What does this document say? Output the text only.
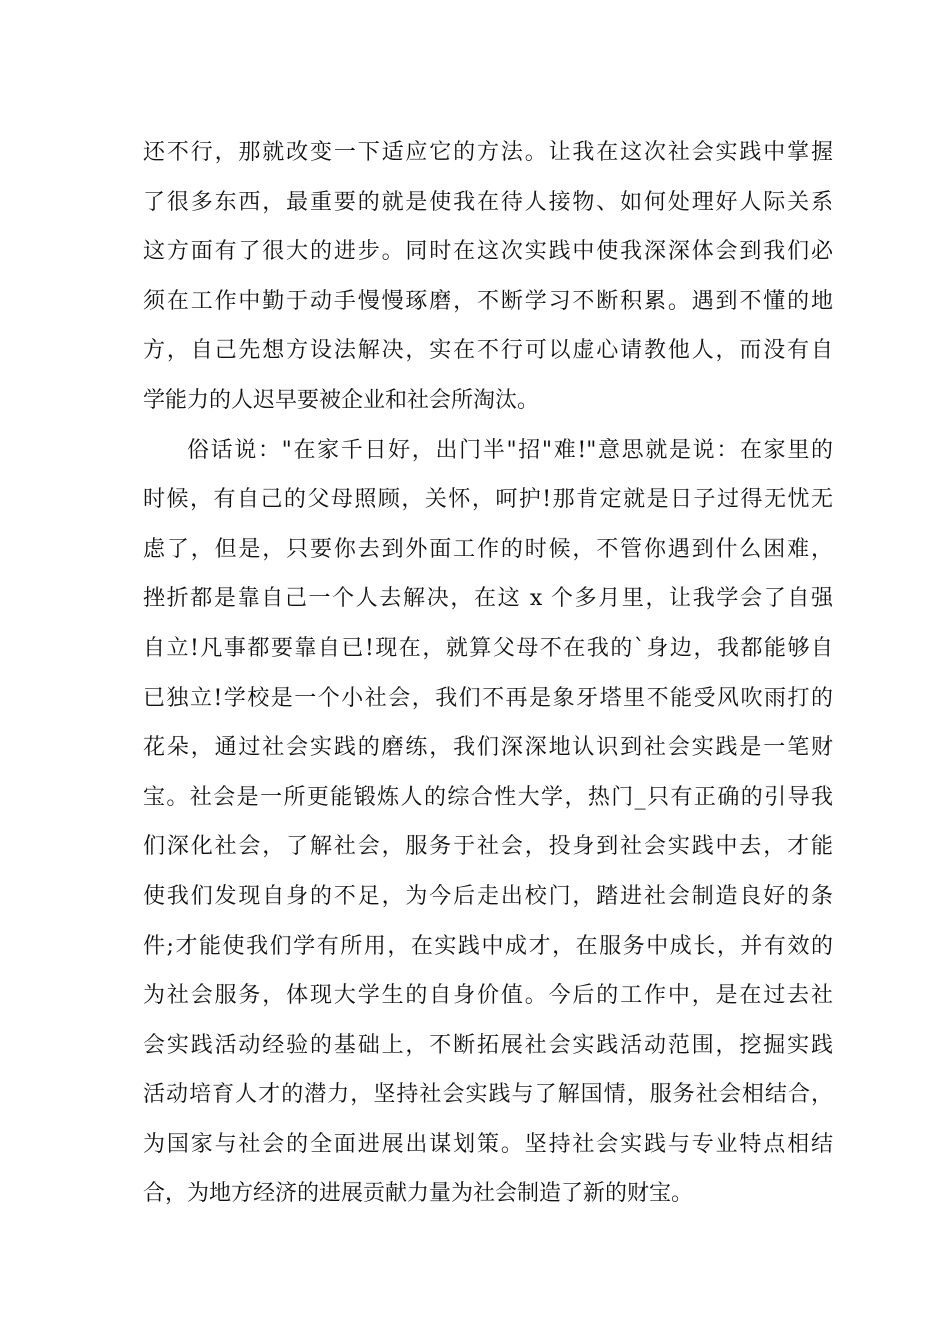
还不行，那就改变一下适应它的方法。让我在这次社会实践中掌握
了很多东西，最重要的就是使我在待人接物、如何处理好人际关系
这方面有了很大的进步。同时在这次实践中使我深深体会到我们必
须在工作中勤于动手慢慢琢磨，不断学习不断积累。遇到不懂的地
方，自己先想方设法解决，实在不行可以虚心请教他人，而没有自
学能力的人迟早要被企业和社会所淘汰。
俗话说："在家千日好，出门半"招"难!"意思就是说：在家里的
时候，有自己的父母照顾，关怀，呵护!那肯定就是日子过得无忧无
虑了，但是，只要你去到外面工作的时候，不管你遇到什么困难，
挫折都是靠自己一个人去解决，在这 x 个多月里，让我学会了自强
自立!凡事都要靠自已!现在，就算父母不在我的`身边，我都能够自
已独立!学校是一个小社会，我们不再是象牙塔里不能受风吹雨打的
花朵，通过社会实践的磨练，我们深深地认识到社会实践是一笔财
宝。社会是一所更能锻炼人的综合性大学，热门_只有正确的引导我
们深化社会，了解社会，服务于社会，投身到社会实践中去，才能
使我们发现自身的不足，为今后走出校门，踏进社会制造良好的条
件;才能使我们学有所用，在实践中成才，在服务中成长，并有效的
为社会服务，体现大学生的自身价值。今后的工作中，是在过去社
会实践活动经验的基础上，不断拓展社会实践活动范围，挖掘实践
活动培育人才的潜力，坚持社会实践与了解国情，服务社会相结合，
为国家与社会的全面进展出谋划策。坚持社会实践与专业特点相结
合，为地方经济的进展贡献力量为社会制造了新的财宝。
